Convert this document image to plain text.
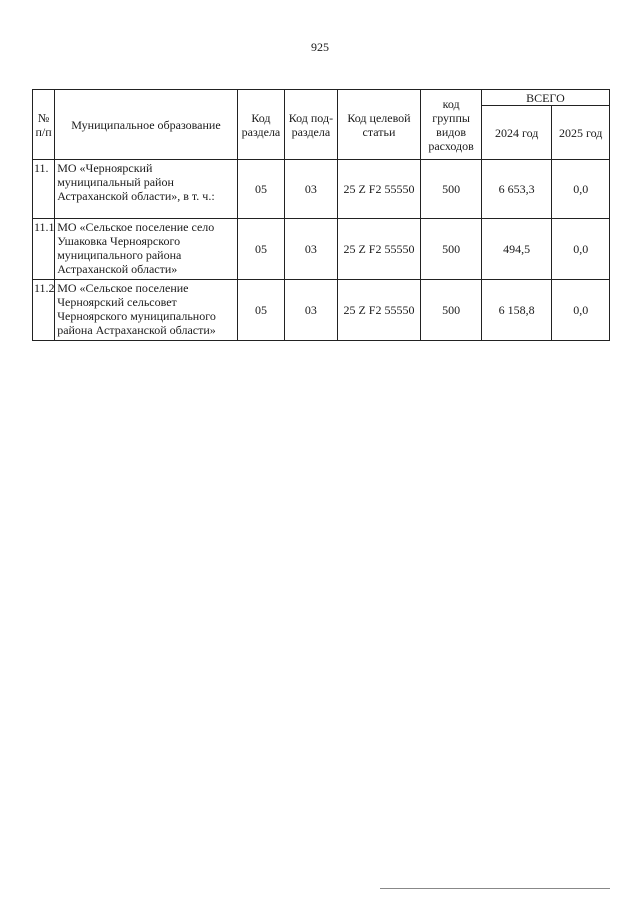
925
№ п/п	Муниципальное образование	Код раздела	Код под-раздела	Код целевой статьи	код группы видов расходов	ВСЕГО	
						2024 год	2025 год
11.	МО «Черноярский муниципальный район Астраханской области», в т. ч.:	05	03	25 Z F2 55550	500	6 653,3	0,0
11.1	МО «Сельское поселение село Ушаковка Черноярского муниципального района Астраханской области»	05	03	25 Z F2 55550	500	494,5	0,0
11.2	МО «Сельское поселение Черноярский сельсовет Черноярского муниципального района Астраханской области»	05	03	25 Z F2 55550	500	6 158,8	0,0
